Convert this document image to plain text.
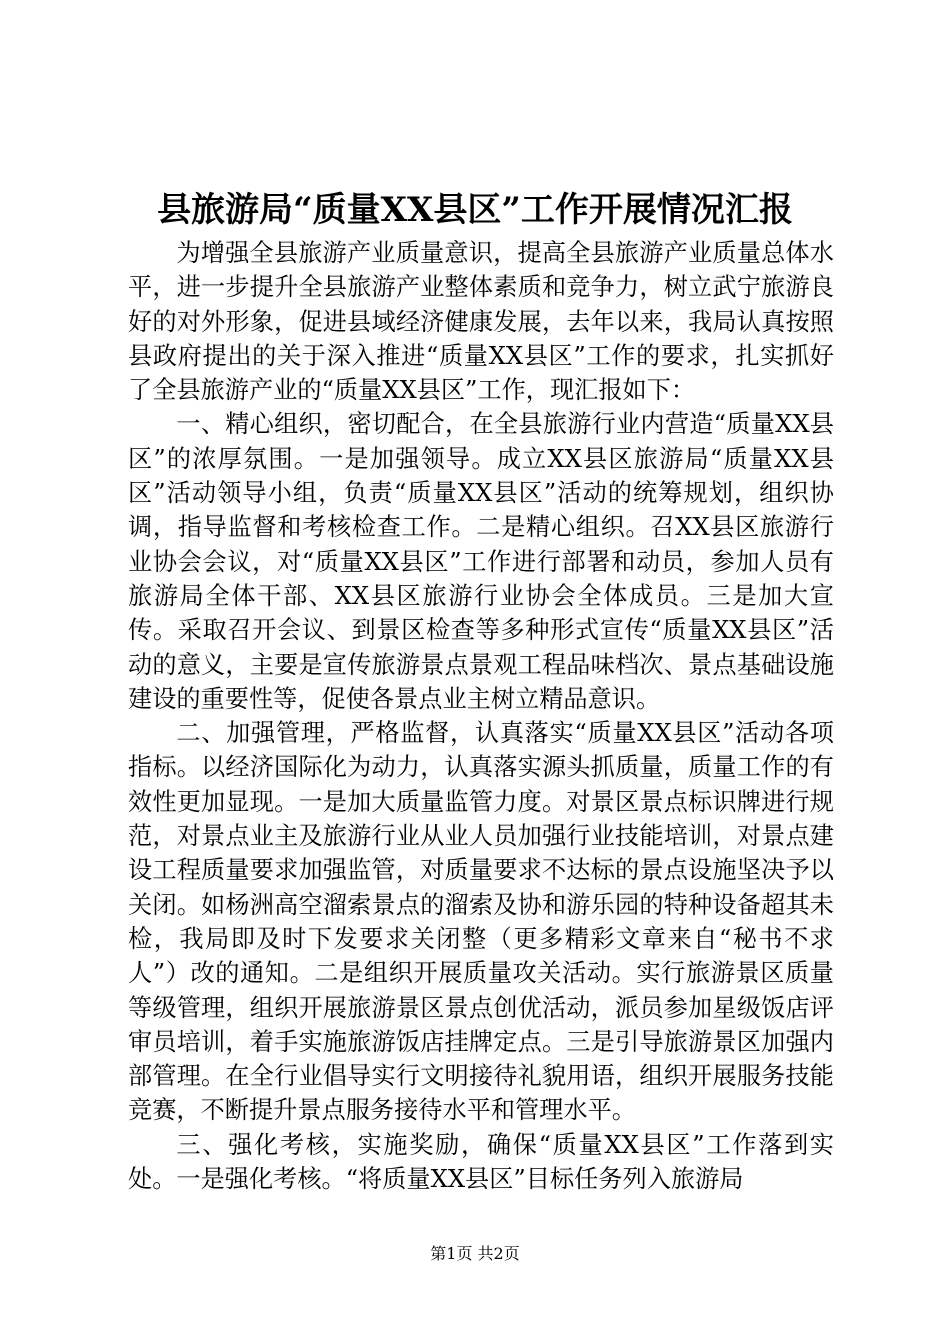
县旅游局“质量XX县区”工作开展情况汇报

为增强全县旅游产业质量意识，提高全县旅游产业质量总体水平，进一步提升全县旅游产业整体素质和竞争力，树立武宁旅游良好的对外形象，促进县域经济健康发展，去年以来，我局认真按照县政府提出的关于深入推进“质量XX县区”工作的要求，扎实抓好了全县旅游产业的“质量XX县区”工作，现汇报如下：

一、精心组织，密切配合，在全县旅游行业内营造“质量XX县区”的浓厚氛围。一是加强领导。成立XX县区旅游局“质量XX县区”活动领导小组，负责“质量XX县区”活动的统筹规划，组织协调，指导监督和考核检查工作。二是精心组织。召XX县区旅游行业协会会议，对“质量XX县区”工作进行部署和动员，参加人员有旅游局全体干部、XX县区旅游行业协会全体成员。三是加大宣传。采取召开会议、到景区检查等多种形式宣传“质量XX县区”活动的意义，主要是宣传旅游景点景观工程品味档次、景点基础设施建设的重要性等，促使各景点业主树立精品意识。

二、加强管理，严格监督，认真落实“质量XX县区”活动各项指标。以经济国际化为动力，认真落实源头抓质量，质量工作的有效性更加显现。一是加大质量监管力度。对景区景点标识牌进行规范，对景点业主及旅游行业从业人员加强行业技能培训，对景点建设工程质量要求加强监管，对质量要求不达标的景点设施坚决予以关闭。如杨洲高空溜索景点的溜索及协和游乐园的特种设备超其未检，我局即及时下发要求关闭整（更多精彩文章来自“秘书不求人”）改的通知。二是组织开展质量攻关活动。实行旅游景区质量等级管理，组织开展旅游景区景点创优活动，派员参加星级饭店评审员培训，着手实施旅游饭店挂牌定点。三是引导旅游景区加强内部管理。在全行业倡导实行文明接待礼貌用语，组织开展服务技能竞赛，不断提升景点服务接待水平和管理水平。

三、强化考核，实施奖励，确保“质量XX县区”工作落到实处。一是强化考核。“将质量XX县区”目标任务列入旅游局

第1页 共2页
